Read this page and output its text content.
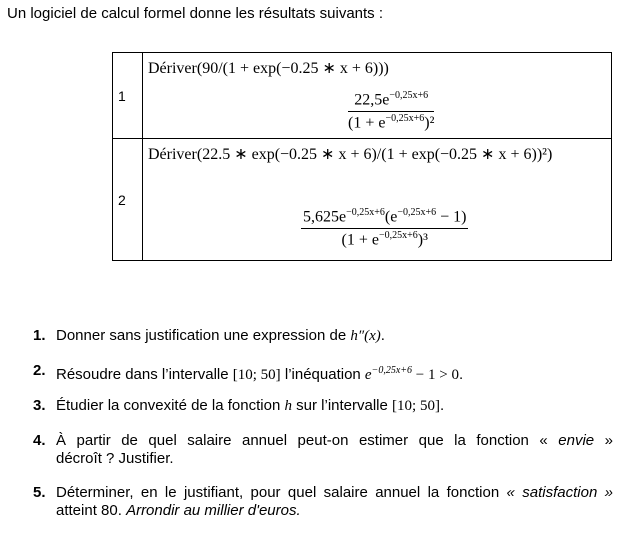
Un logiciel de calcul formel donne les résultats suivants :
1	Dériver(90/(1 + exp(−0.25 ∗ x + 6)))
$\frac{22,5e^{-0,25x+6}}{(1 + e^{-0,25x+6})^2}$

2	Dériver(22.5 ∗ exp(−0.25 ∗ x + 6)/(1 + exp(−0.25 ∗ x + 6))²)
$\frac{5,625e^{-0,25x+6}(e^{-0,25x+6} - 1)}{(1 + e^{-0,25x+6})^3}$
1. Donner sans justification une expression de h″(x).
2. Résoudre dans l’intervalle [10; 50] l’inéquation $e^{-0,25x+6} - 1 > 0$.
3. Étudier la convexité de la fonction h sur l’intervalle [10; 50].
4. À partir de quel salaire annuel peut-on estimer que la fonction « envie »
décroît ? Justifier.
5. Déterminer, en le justifiant, pour quel salaire annuel la fonction « satisfaction »
atteint 80. Arrondir au millier d'euros.
